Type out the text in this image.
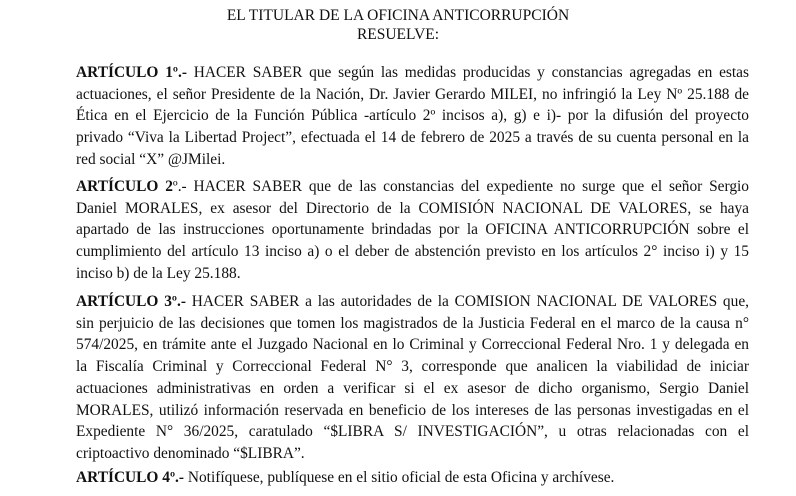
EL TITULAR DE LA OFICINA ANTICORRUPCIÓN
RESUELVE:
ARTÍCULO 1º.- HACER SABER que según las medidas producidas y constancias agregadas en estas
actuaciones, el señor Presidente de la Nación, Dr. Javier Gerardo MILEI, no infringió la Ley Nº 25.188 de
Ética en el Ejercicio de la Función Pública -artículo 2º incisos a), g) e i)- por la difusión del proyecto
privado “Viva la Libertad Project”, efectuada el 14 de febrero de 2025 a través de su cuenta personal en la
red social “X” @JMilei.
ARTÍCULO 2º.- HACER SABER que de las constancias del expediente no surge que el señor Sergio
Daniel MORALES, ex asesor del Directorio de la COMISIÓN NACIONAL DE VALORES, se haya
apartado de las instrucciones oportunamente brindadas por la OFICINA ANTICORRUPCIÓN sobre el
cumplimiento del artículo 13 inciso a) o el deber de abstención previsto en los artículos 2° inciso i) y 15
inciso b) de la Ley 25.188.
ARTÍCULO 3º.- HACER SABER a las autoridades de la COMISION NACIONAL DE VALORES que,
sin perjuicio de las decisiones que tomen los magistrados de la Justicia Federal en el marco de la causa n°
574/2025, en trámite ante el Juzgado Nacional en lo Criminal y Correccional Federal Nro. 1 y delegada en
la Fiscalía Criminal y Correccional Federal N° 3, corresponde que analicen la viabilidad de iniciar
actuaciones administrativas en orden a verificar si el ex asesor de dicho organismo, Sergio Daniel
MORALES, utilizó información reservada en beneficio de los intereses de las personas investigadas en el
Expediente N° 36/2025, caratulado “$LIBRA S/ INVESTIGACIÓN”, u otras relacionadas con el
criptoactivo denominado “$LIBRA”.
ARTÍCULO 4º.- Notifíquese, publíquese en el sitio oficial de esta Oficina y archívese.
